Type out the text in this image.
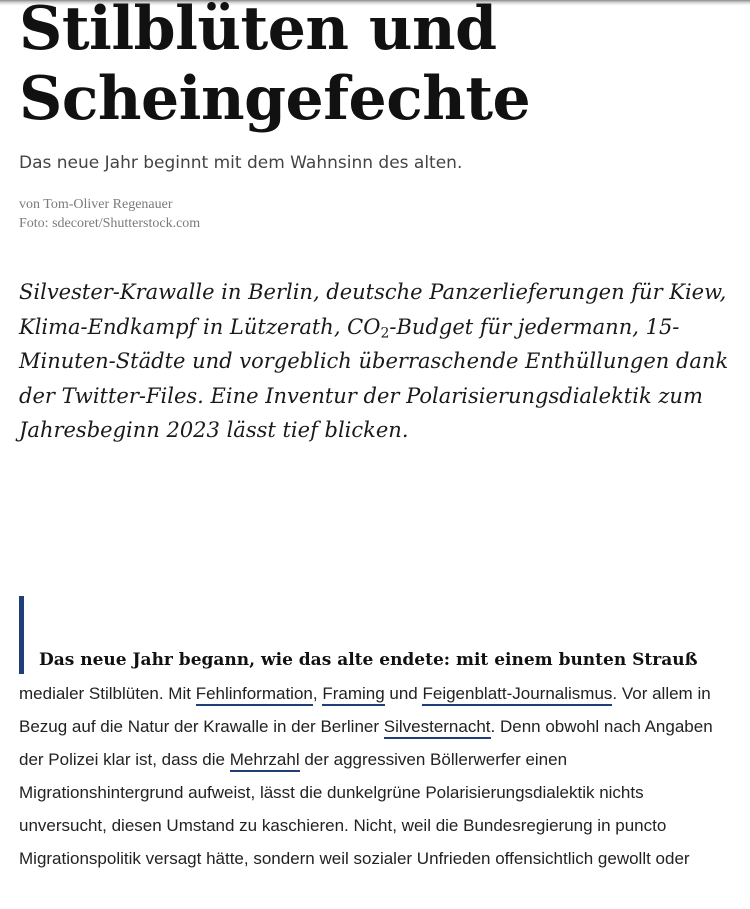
Stilblüten und
Scheingefechte

Das neue Jahr beginnt mit dem Wahnsinn des alten.

von Tom-Oliver Regenauer
Foto: sdecoret/Shutterstock.com

Silvester-Krawalle in Berlin, deutsche Panzerlieferungen für Kiew, Klima-Endkampf in Lützerath, $CO_2$-Budget für jedermann, 15-Minuten-Städte und vorgeblich überraschende Enthüllungen dank der Twitter-Files. Eine Inventur der Polarisierungsdialektik zum Jahresbeginn 2023 lässt tief blicken.

Das neue Jahr begann, wie das alte endete: mit einem bunten Strauß medialer Stilblüten. Mit Fehlinformation, Framing und Feigenblatt-Journalismus. Vor allem in Bezug auf die Natur der Krawalle in der Berliner Silvesternacht. Denn obwohl nach Angaben der Polizei klar ist, dass die Mehrzahl der aggressiven Böllerwerfer einen Migrationshintergrund aufweist, lässt die dunkelgrüne Polarisierungsdialektik nichts unversucht, diesen Umstand zu kaschieren. Nicht, weil die Bundesregierung in puncto Migrationspolitik versagt hätte, sondern weil sozialer Unfrieden offensichtlich gewollt oder
